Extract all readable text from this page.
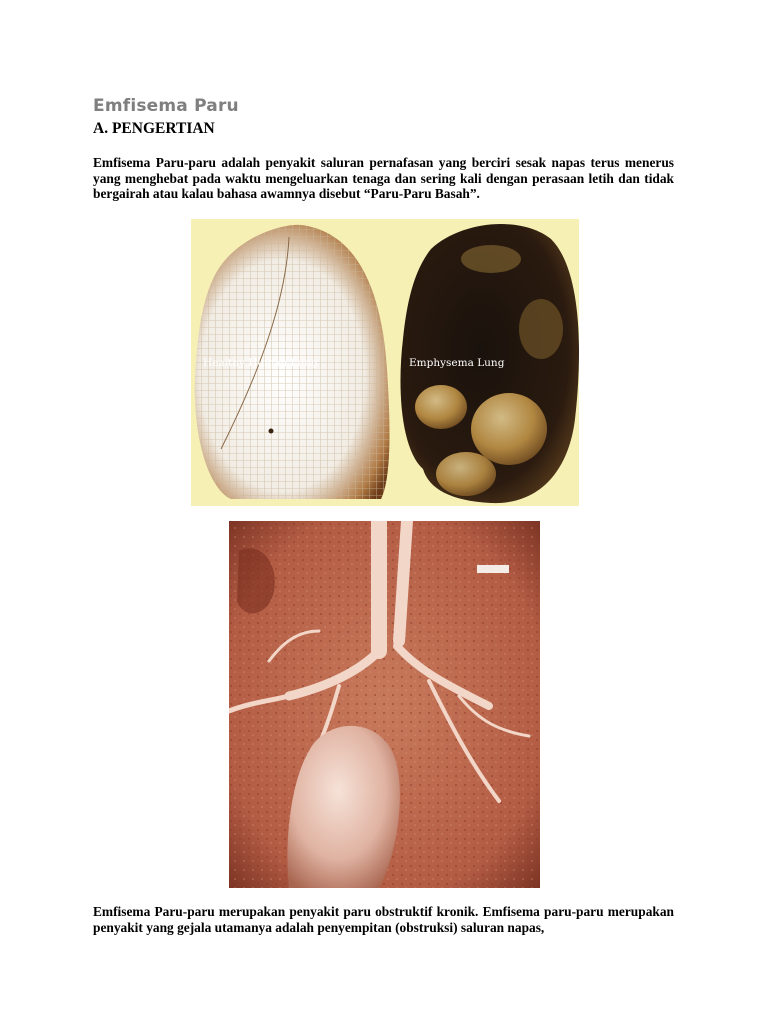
Emfisema Paru
A. PENGERTIAN

Emfisema Paru-paru adalah penyakit saluran pernafasan yang berciri sesak napas terus menerus yang menghebat pada waktu mengeluarkan tenaga dan sering kali dengan perasaan letih dan tidak bergairah atau kalau bahasa awamnya disebut “Paru-Paru Basah”.

Healthy Human Lung	Emphysema Lung

Emfisema Paru-paru merupakan penyakit paru obstruktif kronik. Emfisema paru-paru merupakan penyakit yang gejala utamanya adalah penyempitan (obstruksi) saluran napas,
